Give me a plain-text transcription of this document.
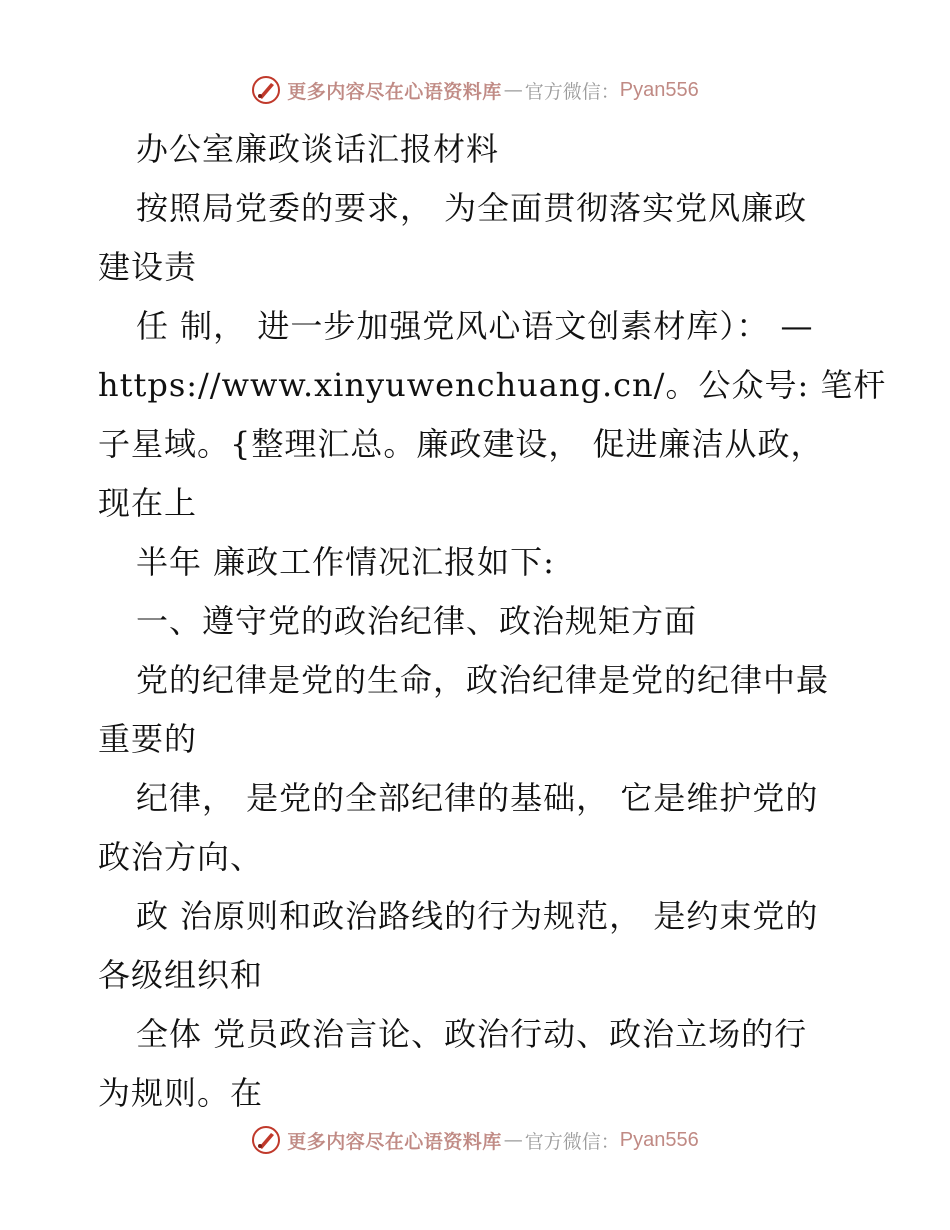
更多内容尽在心语资料库 — 官方微信： Pyan556

办公室廉政谈话汇报材料

按照局党委的要求， 为全面贯彻落实党风廉政

建设责

任 制， 进一步加强党风心语文创素材库）： —

https://www.xinyuwenchuang.cn/。公众号: 笔杆

子星域。{整理汇总。廉政建设， 促进廉洁从政，

现在上

半年 廉政工作情况汇报如下:

一、遵守党的政治纪律、政治规矩方面

党的纪律是党的生命，政治纪律是党的纪律中最

重要的

纪律， 是党的全部纪律的基础， 它是维护党的

政治方向、

政 治原则和政治路线的行为规范， 是约束党的

各级组织和

全体 党员政治言论、政治行动、政治立场的行

为规则。在

更多内容尽在心语资料库 — 官方微信： Pyan556
